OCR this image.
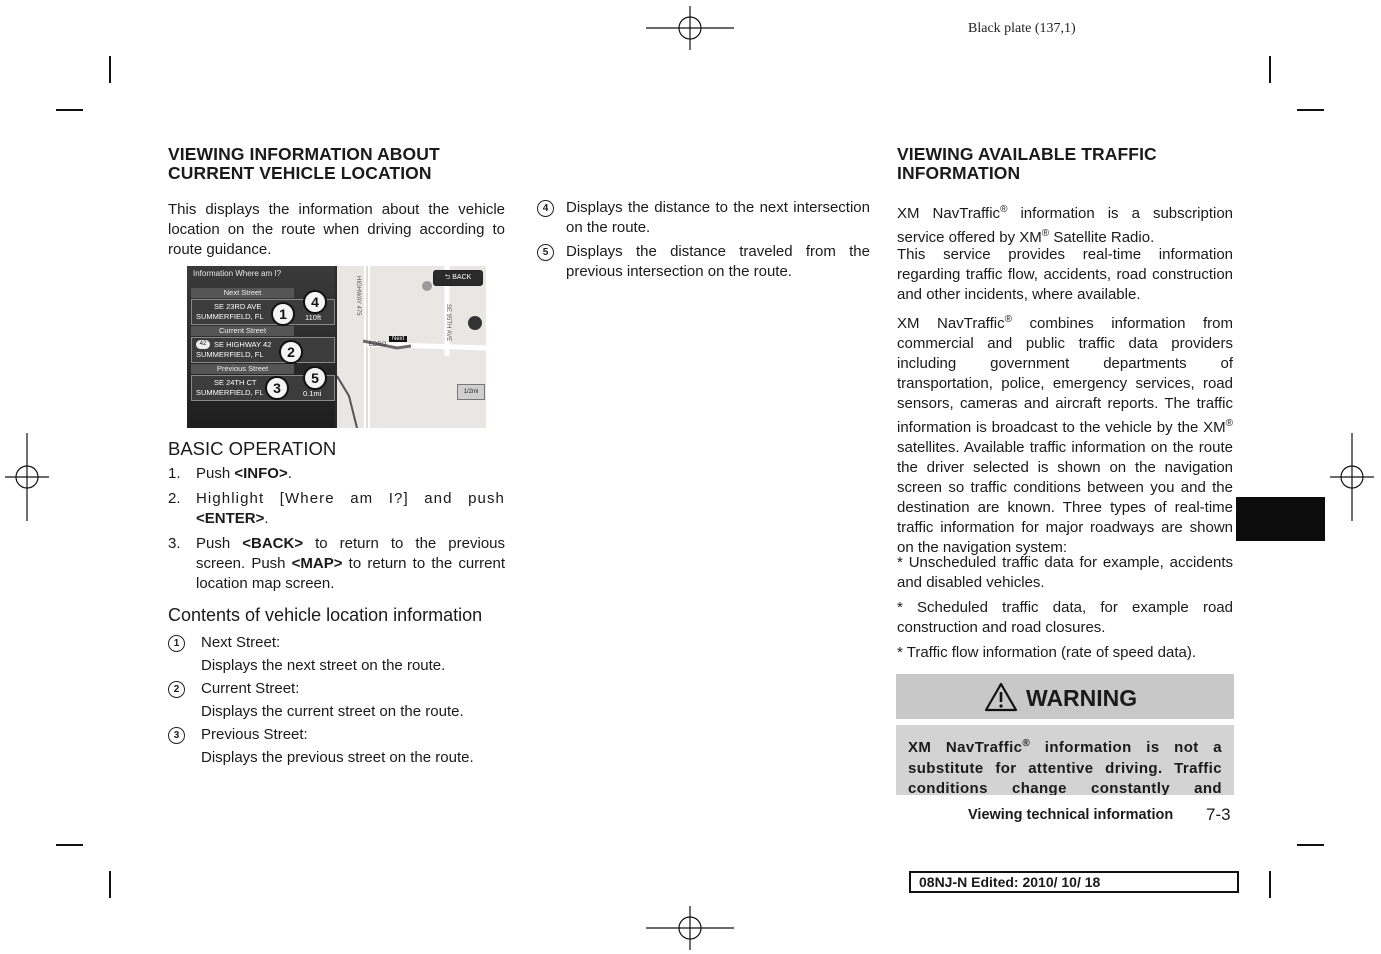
Black plate (137,1)
VIEWING INFORMATION ABOUT
CURRENT VEHICLE LOCATION

This displays the information about the vehicle location on the route when driving according to route guidance.

Information Where am I?
Next Street
SE 23RD AVE
SUMMERFIELD, FL
Current Street
SE HIGHWAY 42
SUMMERFIELD, FL
42
Previous Street
SE 24TH CT
SUMMERFIELD, FL
1
2
3
4
5
110ft
0.1mi
⮌ BACK
HIGHWAY 475
SE 95TH AVE
EDRO
Next
1/2mi
BASIC OPERATION
1. Push <INFO>.
2. Highlight [Where am I?] and push <ENTER>.
3. Push <BACK> to return to the previous screen. Push <MAP> to return to the current location map screen.
Contents of vehicle location information
1	Next Street:
Displays the next street on the route.
2	Current Street:
Displays the current street on the route.
3	Previous Street:
Displays the previous street on the route.
4	Displays the distance to the next intersection on the route.
5	Displays the distance traveled from the previous intersection on the route.
VIEWING AVAILABLE TRAFFIC
INFORMATION

XM NavTraffic® information is a subscription service offered by XM® Satellite Radio.

This service provides real-time information regarding traffic flow, accidents, road construction and other incidents, where available.

XM NavTraffic® combines information from commercial and public traffic data providers including government departments of transportation, police, emergency services, road sensors, cameras and aircraft reports. The traffic information is broadcast to the vehicle by the XM® satellites. Available traffic information on the route the driver selected is shown on the navigation screen so traffic conditions between you and the destination are known. Three types of real-time traffic information for major roadways are shown on the navigation system:

* Unscheduled traffic data for example, accidents and disabled vehicles.

* Scheduled traffic data, for example road construction and road closures.

* Traffic flow information (rate of speed data).

WARNING

XM NavTraffic® information is not a substitute for attentive driving. Traffic conditions change constantly and

Viewing technical information 7-3
08NJ-N Edited: 2010/ 10/ 18
